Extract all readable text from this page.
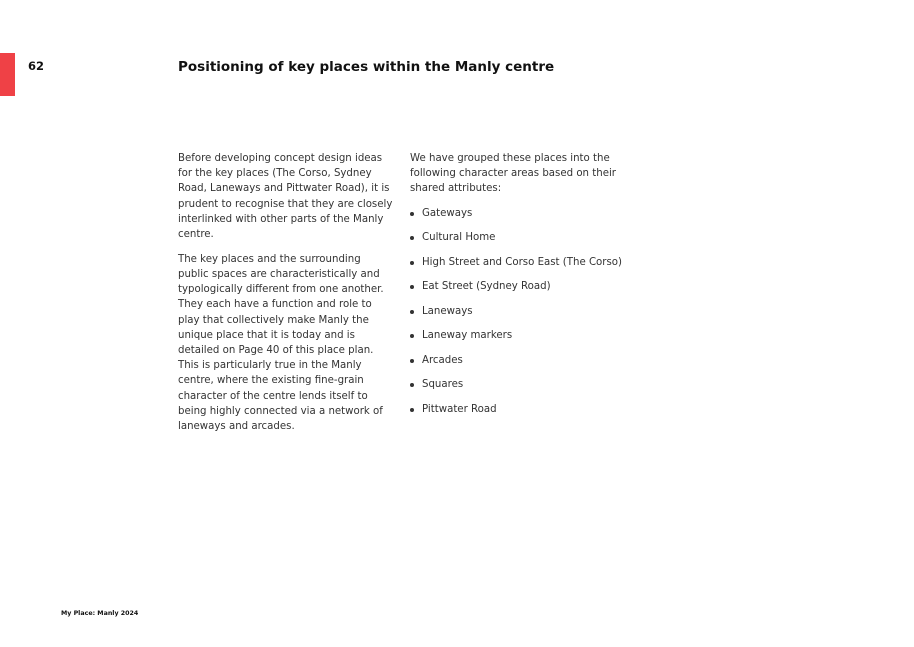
62	Positioning of key places within the Manly centre

Before developing concept design ideas for the key places (The Corso, Sydney Road, Laneways and Pittwater Road), it is prudent to recognise that they are closely interlinked with other parts of the Manly centre.

The key places and the surrounding public spaces are characteristically and typologically different from one another. They each have a function and role to play that collectively make Manly the unique place that it is today and is detailed on Page 40 of this place plan. This is particularly true in the Manly centre, where the existing fine-grain character of the centre lends itself to being highly connected via a network of laneways and arcades.

We have grouped these places into the following character areas based on their shared attributes:

Gateways
Cultural Home
High Street and Corso East (The Corso)
Eat Street (Sydney Road)
Laneways
Laneway markers
Arcades
Squares
Pittwater Road
My Place: Manly 2024
